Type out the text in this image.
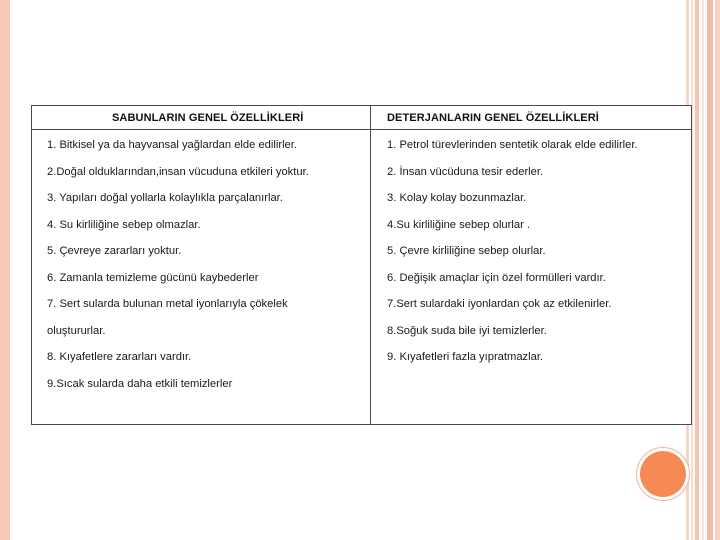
SABUNLARIN GENEL ÖZELLİKLERİ	DETERJANLARIN GENEL ÖZELLİKLERİ
1. Bitkisel ya da hayvansal yağlardan elde edilirler.
2.Doğal olduklarından,insan vücuduna etkileri yoktur.
3. Yapıları doğal yollarla kolaylıkla parçalanırlar.
4. Su kirliliğine sebep olmazlar.
5. Çevreye zararları yoktur.
6. Zamanla temizleme gücünü kaybederler
7. Sert sularda bulunan metal iyonlarıyla çökelek
oluştururlar.
8. Kıyafetlere zararları vardır.
9.Sıcak sularda daha etkili temizlerler
1. Petrol türevlerinden sentetik olarak elde edilirler.
2. İnsan vücüduna tesir ederler.
3. Kolay kolay bozunmazlar.
4.Su kirliliğine sebep olurlar .
5. Çevre kirliliğine sebep olurlar.
6. Değişik amaçlar için özel formülleri vardır.
7.Sert sulardaki iyonlardan çok az etkilenirler.
8.Soğuk suda bile iyi temizlerler.
9. Kıyafetleri fazla yıpratmazlar.
